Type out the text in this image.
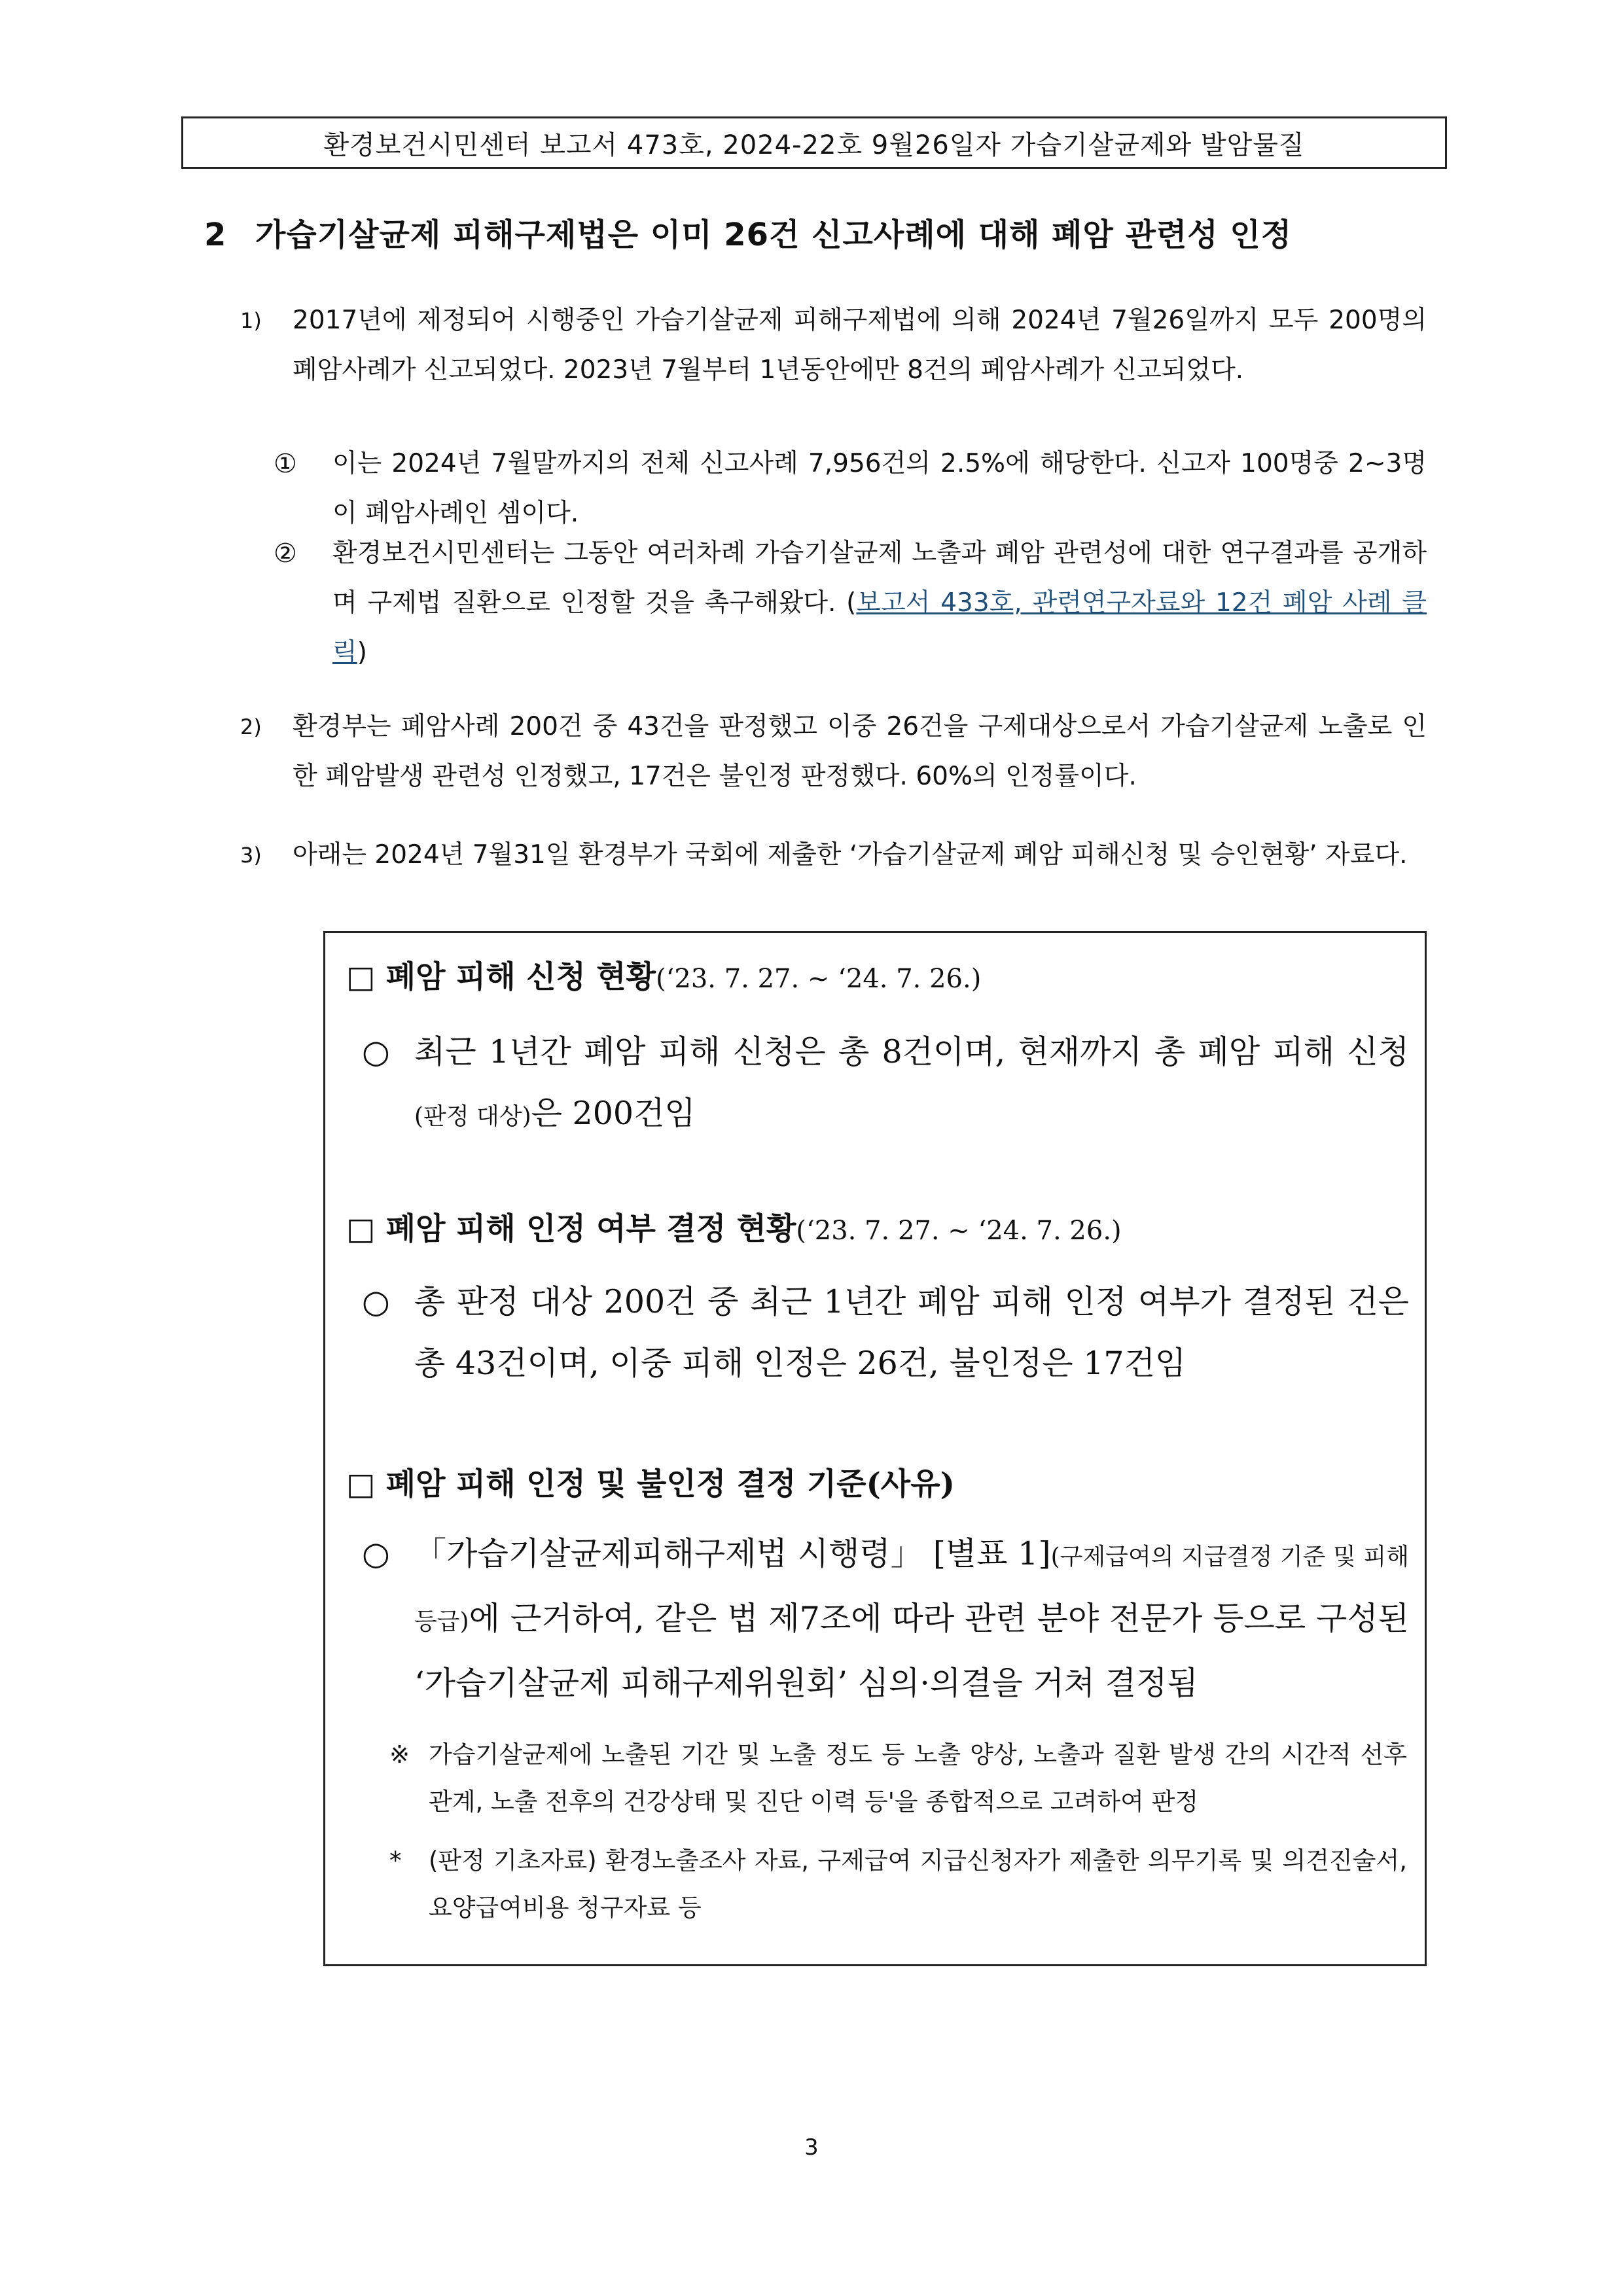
환경보건시민센터 보고서 473호, 2024-22호 9월26일자 가습기살균제와 발암물질
2 가습기살균제 피해구제법은 이미 26건 신고사례에 대해 폐암 관련성 인정
1) 2017년에 제정되어 시행중인 가습기살균제 피해구제법에 의해 2024년 7월26일까지 모두 200명의 폐암사례가 신고되었다. 2023년 7월부터 1년동안에만 8건의 폐암사례가 신고되었다.
① 이는 2024년 7월말까지의 전체 신고사례 7,956건의 2.5%에 해당한다. 신고자 100명중 2~3명이 폐암사례인 셈이다.
② 환경보건시민센터는 그동안 여러차례 가습기살균제 노출과 폐암 관련성에 대한 연구결과를 공개하며 구제법 질환으로 인정할 것을 촉구해왔다. (보고서 433호, 관련연구자료와 12건 폐암 사례 클릭)
2) 환경부는 폐암사례 200건 중 43건을 판정했고 이중 26건을 구제대상으로서 가습기살균제 노출로 인한 폐암발생 관련성 인정했고, 17건은 불인정 판정했다. 60%의 인정률이다.
3) 아래는 2024년 7월31일 환경부가 국회에 제출한 ‘가습기살균제 폐암 피해신청 및 승인현황’ 자료다.
□ 폐암 피해 신청 현황(‘23. 7. 27. ~ ‘24. 7. 26.)
○ 최근 1년간 폐암 피해 신청은 총 8건이며, 현재까지 총 폐암 피해 신청(판정 대상)은 200건임
□ 폐암 피해 인정 여부 결정 현황(‘23. 7. 27. ~ ‘24. 7. 26.)
○ 총 판정 대상 200건 중 최근 1년간 폐암 피해 인정 여부가 결정된 건은 총 43건이며, 이중 피해 인정은 26건, 불인정은 17건임
□ 폐암 피해 인정 및 불인정 결정 기준(사유)
○ 「가습기살균제피해구제법 시행령」 [별표 1](구제급여의 지급결정 기준 및 피해등급)에 근거하여, 같은 법 제7조에 따라 관련 분야 전문가 등으로 구성된 ‘가습기살균제 피해구제위원회’ 심의·의결을 거쳐 결정됨
※ 가습기살균제에 노출된 기간 및 노출 정도 등 노출 양상, 노출과 질환 발생 간의 시간적 선후관계, 노출 전후의 건강상태 및 진단 이력 등'을 종합적으로 고려하여 판정
* (판정 기초자료) 환경노출조사 자료, 구제급여 지급신청자가 제출한 의무기록 및 의견진술서, 요양급여비용 청구자료 등
3
